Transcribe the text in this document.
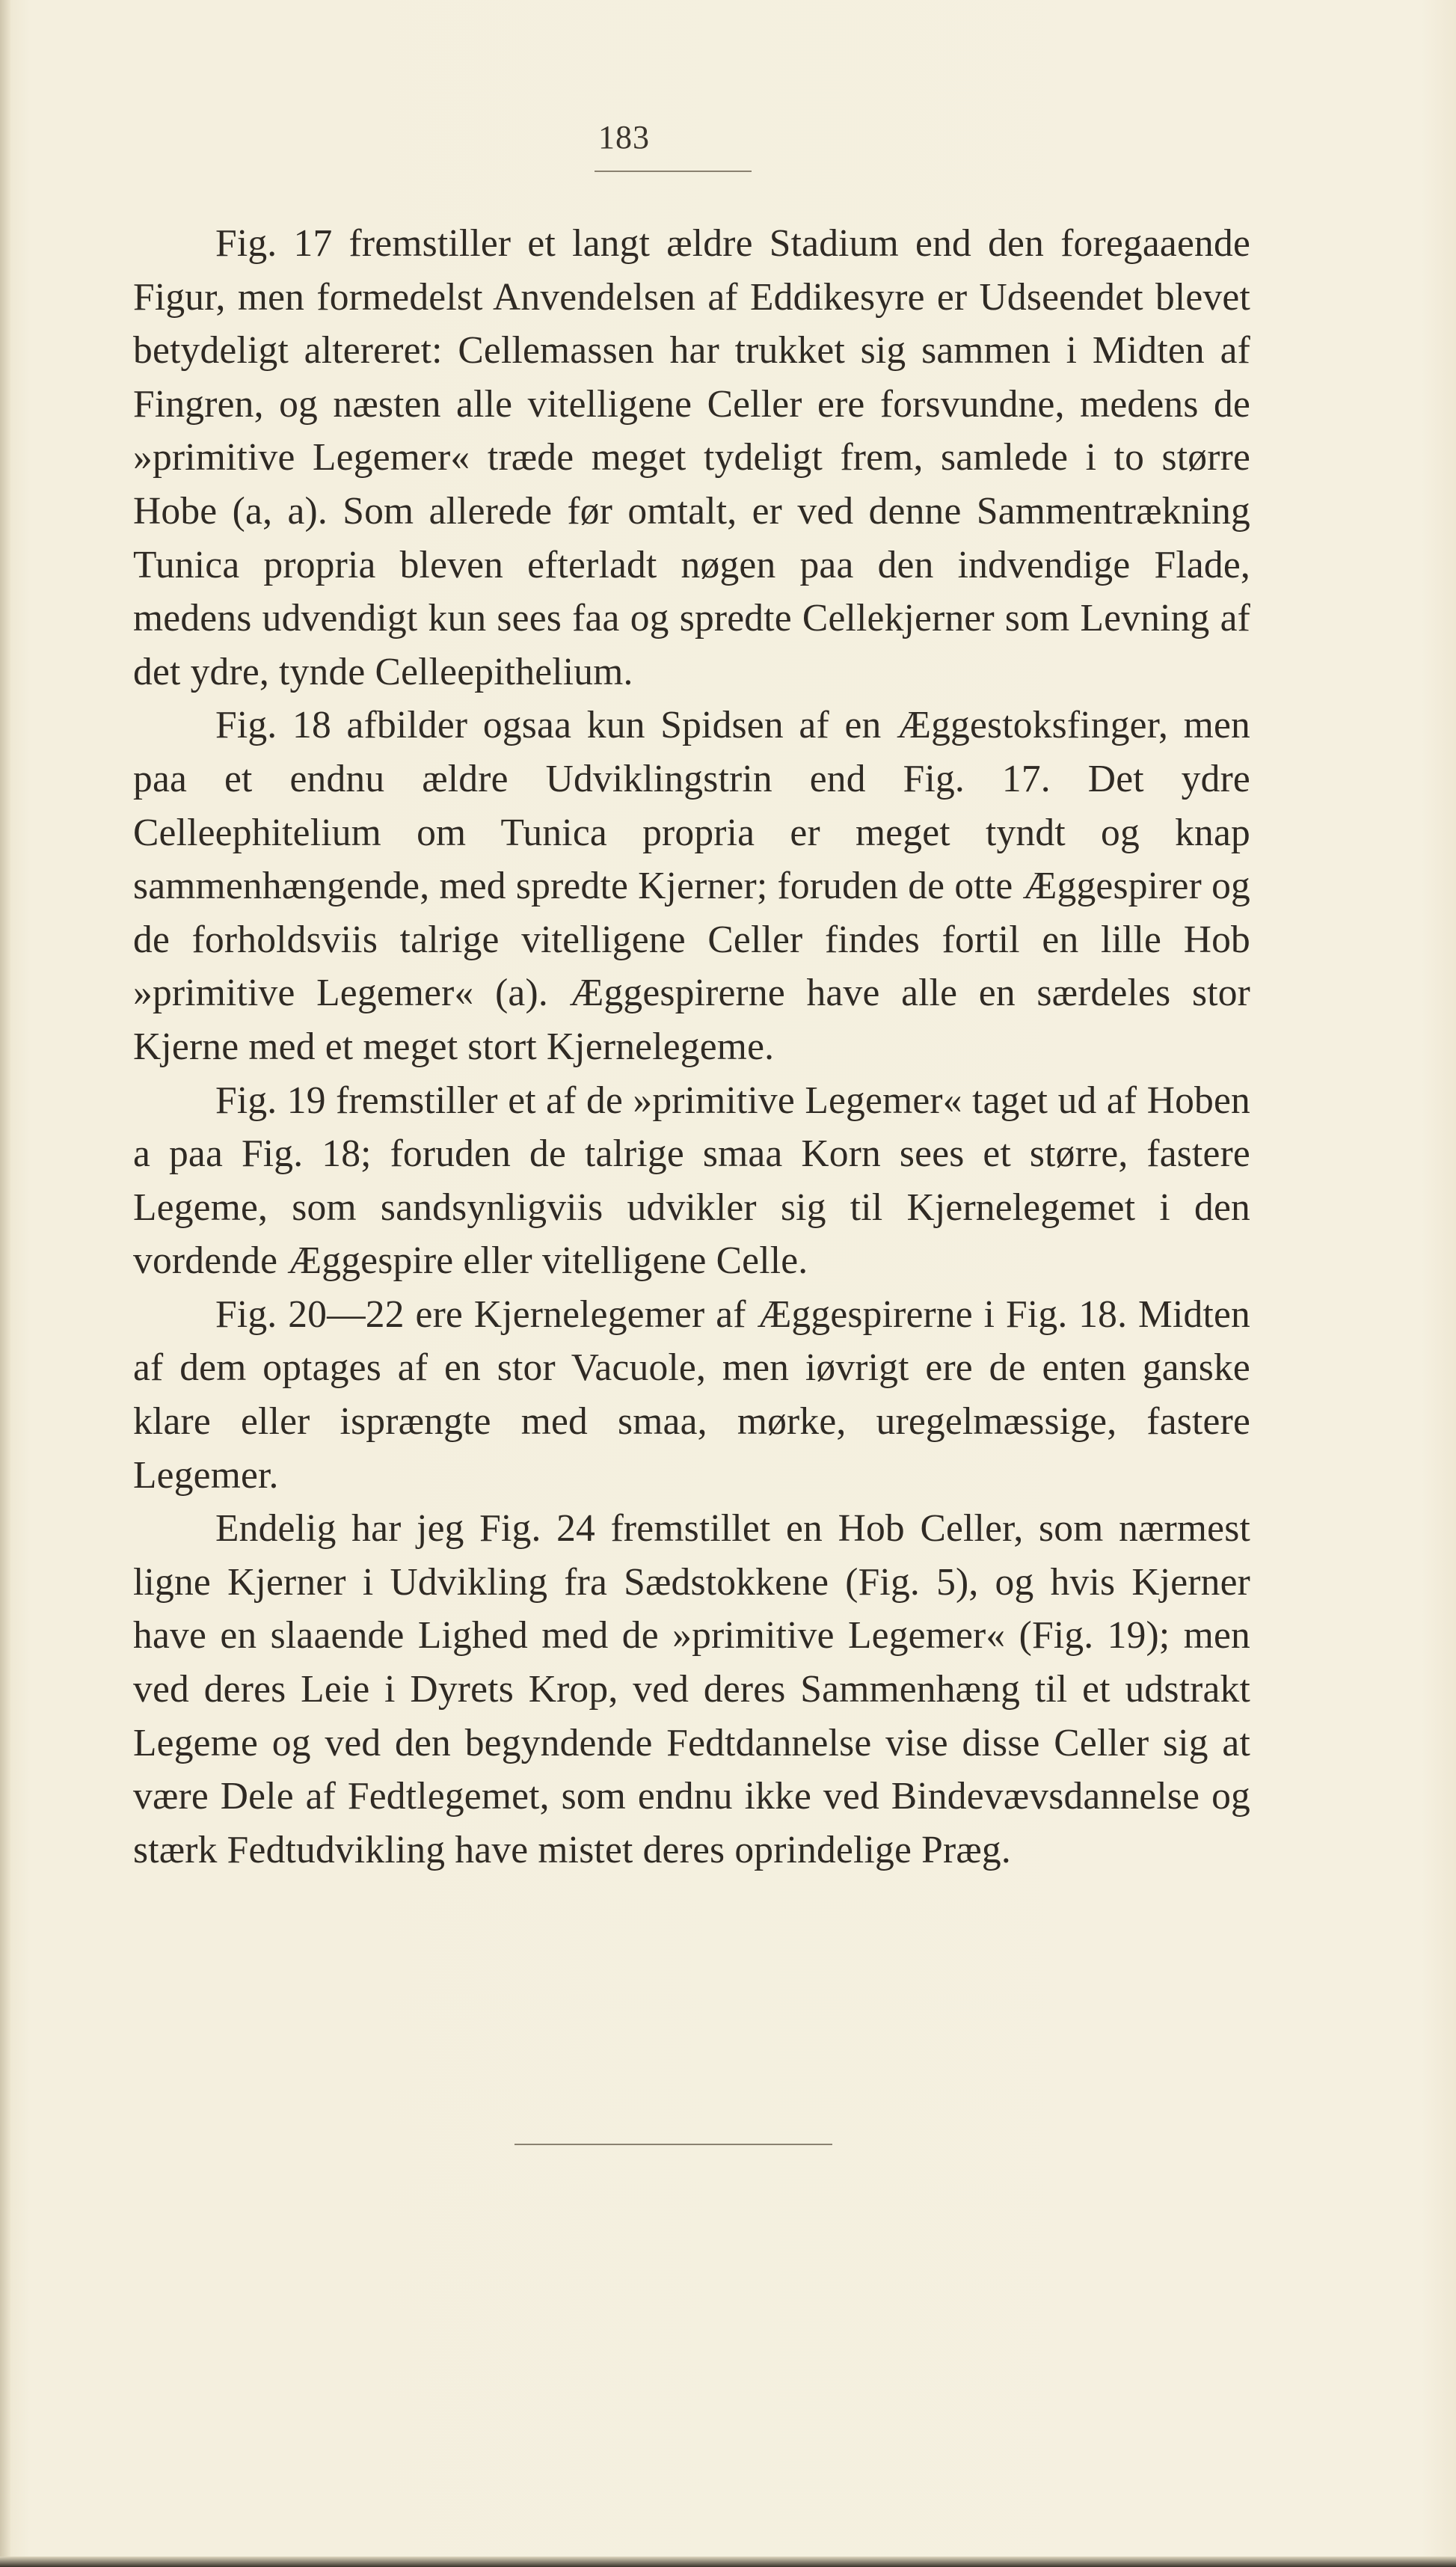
183

Fig. 17 fremstiller et langt ældre Stadium end den foregaaende Figur, men formedelst Anvendelsen af Eddikesyre er Udseendet blevet betydeligt altereret: Cellemassen har trukket sig sammen i Midten af Fingren, og næsten alle vitelligene Celler ere forsvundne, medens de »primitive Legemer« træde meget tydeligt frem, samlede i to større Hobe (a, a). Som allerede før omtalt, er ved denne Sammentrækning Tunica propria bleven efterladt nøgen paa den indvendige Flade, medens udvendigt kun sees faa og spredte Cellekjerner som Levning af det ydre, tynde Celleepithelium.

Fig. 18 afbilder ogsaa kun Spidsen af en Æggestoksfinger, men paa et endnu ældre Udviklingstrin end Fig. 17. Det ydre Celleephitelium om Tunica propria er meget tyndt og knap sammenhængende, med spredte Kjerner; foruden de otte Æggespirer og de forholdsviis talrige vitelligene Celler findes fortil en lille Hob »primitive Legemer« (a). Æggespirerne have alle en særdeles stor Kjerne med et meget stort Kjernelegeme.

Fig. 19 fremstiller et af de »primitive Legemer« taget ud af Hoben a paa Fig. 18; foruden de talrige smaa Korn sees et større, fastere Legeme, som sandsynligviis udvikler sig til Kjernelegemet i den vordende Æggespire eller vitelligene Celle.

Fig. 20—22 ere Kjernelegemer af Æggespirerne i Fig. 18. Midten af dem optages af en stor Vacuole, men iøvrigt ere de enten ganske klare eller isprængte med smaa, mørke, uregelmæssige, fastere Legemer.

Endelig har jeg Fig. 24 fremstillet en Hob Celler, som nærmest ligne Kjerner i Udvikling fra Sædstokkene (Fig. 5), og hvis Kjerner have en slaaende Lighed med de »primitive Legemer« (Fig. 19); men ved deres Leie i Dyrets Krop, ved deres Sammenhæng til et udstrakt Legeme og ved den begyndende Fedtdannelse vise disse Celler sig at være Dele af Fedtlegemet, som endnu ikke ved Bindevævsdannelse og stærk Fedtudvikling have mistet deres oprindelige Præg.
